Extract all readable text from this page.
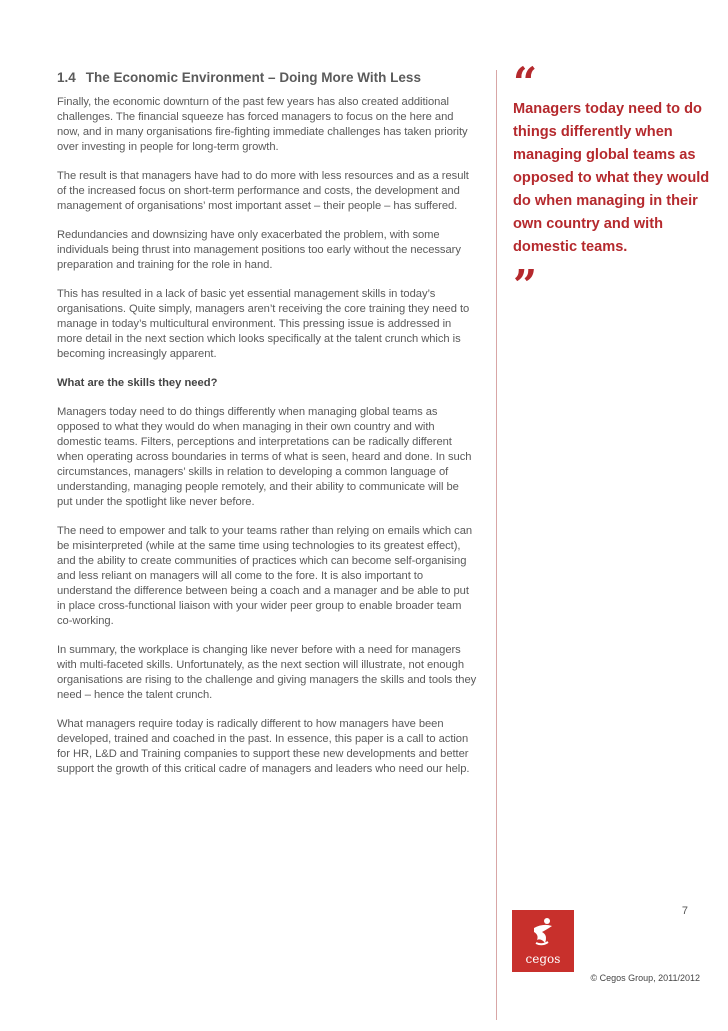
1.4 The Economic Environment – Doing More With Less

Finally, the economic downturn of the past few years has also created additional challenges. The financial squeeze has forced managers to focus on the here and now, and in many organisations fire-fighting immediate challenges has taken priority over investing in people for long-term growth.

The result is that managers have had to do more with less resources and as a result of the increased focus on short-term performance and costs, the development and management of organisations’ most important asset – their people – has suffered.

Redundancies and downsizing have only exacerbated the problem, with some individuals being thrust into management positions too early without the necessary preparation and training for the role in hand.

This has resulted in a lack of basic yet essential management skills in today’s organisations. Quite simply, managers aren’t receiving the core training they need to manage in today’s multicultural environment. This pressing issue is addressed in more detail in the next section which looks specifically at the talent crunch which is becoming increasingly apparent.

What are the skills they need?

Managers today need to do things differently when managing global teams as opposed to what they would do when managing in their own country and with domestic teams. Filters, perceptions and interpretations can be radically different when operating across boundaries in terms of what is seen, heard and done. In such circumstances, managers’ skills in relation to developing a common language of understanding, managing people remotely, and their ability to communicate will be put under the spotlight like never before.

The need to empower and talk to your teams rather than relying on emails which can be misinterpreted (while at the same time using technologies to its greatest effect), and the ability to create communities of practices which can become self-organising and less reliant on managers will all come to the fore. It is also important to understand the difference between being a coach and a manager and be able to put in place cross-functional liaison with your wider peer group to enable broader team co-working.

In summary, the workplace is changing like never before with a need for managers with multi-faceted skills. Unfortunately, as the next section will illustrate, not enough organisations are rising to the challenge and giving managers the skills and tools they need – hence the talent crunch.

What managers require today is radically different to how managers have been developed, trained and coached in the past. In essence, this paper is a call to action for HR, L&D and Training companies to support these new developments and better support the growth of this critical cadre of managers and leaders who need our help.

“
Managers today need to do things differently when managing global teams as opposed to what they would do when managing in their own country and with domestic teams.
”
7
cegos
© Cegos Group, 2011/2012
